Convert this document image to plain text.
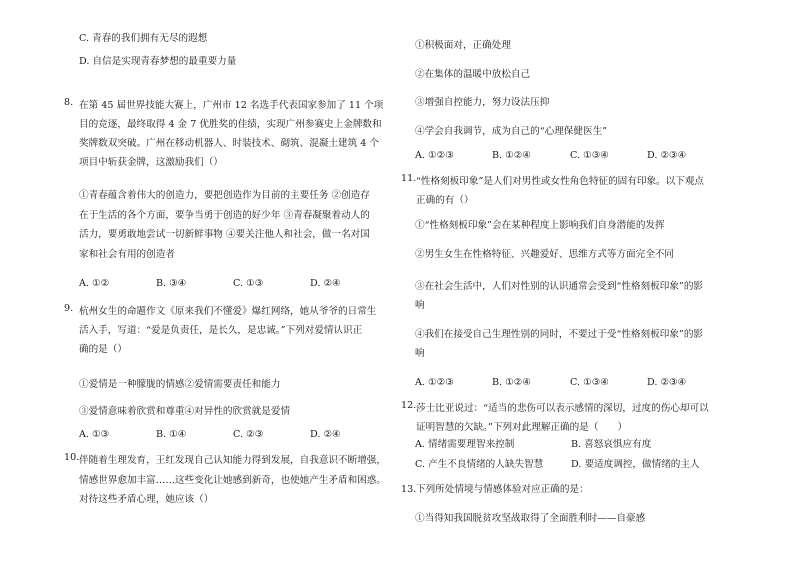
C. 青春的我们拥有无尽的遐想
D. 自信是实现青春梦想的最重要力量
8. 在第 45 届世界技能大赛上，广州市 12 名选手代表国家参加了 11 个项
目的竞逐，最终取得 4 金 7 优胜奖的佳绩，实现广州参赛史上金牌数和
奖牌数双突破。广州在移动机器人、时装技术、砌筑、混凝土建筑 4 个
项目中斩获金牌，这激励我们（）
①青春蕴含着伟大的创造力，要把创造作为目前的主要任务 ②创造存
在于生活的各个方面，要争当勇于创造的好少年 ③青春凝聚着动人的
活力，要勇敢地尝试一切新鲜事物 ④要关注他人和社会，做一名对国
家和社会有用的创造者
A. ①②	B. ③④	C. ①③	D. ②④
9. 杭州女生的命题作文《原来我们不懂爱》爆红网络，她从爷爷的日常生
活入手，写道：“爱是负责任，是长久，是忠诚。”下列对爱情认识正
确的是（）
①爱情是一种朦胧的情感②爱情需要责任和能力
③爱情意味着欣赏和尊重④对异性的欣赏就是爱情
A. ①③	B. ①④	C. ②③	D. ②④
10. 伴随着生理发育，王红发现自己认知能力得到发展，自我意识不断增强，
情感世界愈加丰富……这些变化让她感到新奇，也使她产生矛盾和困惑。
对待这些矛盾心理，她应该（）
①积极面对，正确处理
②在集体的温暖中放松自己
③增强自控能力，努力设法压抑
④学会自我调节，成为自己的“心理保健医生”
A. ①②③	B. ①②④	C. ①③④	D. ②③④
11. “性格刻板印象”是人们对男性或女性角色特征的固有印象。以下观点
正确的有（）
①“性格刻板印象”会在某种程度上影响我们自身潜能的发挥
②男生女生在性格特征、兴趣爱好、思维方式等方面完全不同
③在社会生活中，人们对性别的认识通常会受到“性格刻板印象”的影
响
④我们在接受自己生理性别的同时，不要过于受“性格刻板印象”的影
响
A. ①②③	B. ①②④	C. ①③④	D. ②③④
12. 莎士比亚说过：“适当的悲伤可以表示感情的深切，过度的伤心却可以
证明智慧的欠缺。”下列对此理解正确的是（　　）
A. 情绪需要理智来控制	B. 喜怒哀惧应有度
C. 产生不良情绪的人缺失智慧	D. 要适度调控，做情绪的主人
13. 下列所处情境与情感体验对应正确的是：
①当得知我国脱贫攻坚战取得了全面胜利时——自豪感
